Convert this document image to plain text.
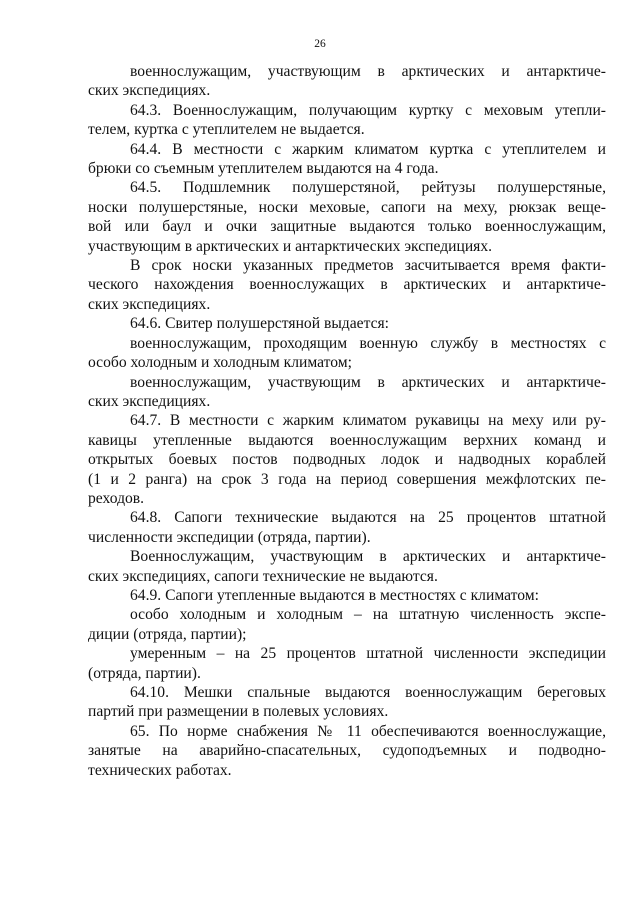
26

военнослужащим, участвующим в арктических и антарктиче-
ских экспедициях.

64.3. Военнослужащим, получающим куртку с меховым утепли-
телем, куртка с утеплителем не выдается.

64.4. В местности с жарким климатом куртка с утеплителем и
брюки со съемным утеплителем выдаются на 4 года.

64.5. Подшлемник полушерстяной, рейтузы полушерстяные,
носки полушерстяные, носки меховые, сапоги на меху, рюкзак веще-
вой или баул и очки защитные выдаются только военнослужащим,
участвующим в арктических и антарктических экспедициях.

В срок носки указанных предметов засчитывается время факти-
ческого нахождения военнослужащих в арктических и антарктиче-
ских экспедициях.

64.6. Свитер полушерстяной выдается:

военнослужащим, проходящим военную службу в местностях с
особо холодным и холодным климатом;

военнослужащим, участвующим в арктических и антарктиче-
ских экспедициях.

64.7. В местности с жарким климатом рукавицы на меху или ру-
кавицы утепленные выдаются военнослужащим верхних команд и
открытых боевых постов подводных лодок и надводных кораблей
(1 и 2 ранга) на срок 3 года на период совершения межфлотских пе-
реходов.

64.8. Сапоги технические выдаются на 25 процентов штатной
численности экспедиции (отряда, партии).

Военнослужащим, участвующим в арктических и антарктиче-
ских экспедициях, сапоги технические не выдаются.

64.9. Сапоги утепленные выдаются в местностях с климатом:

особо холодным и холодным – на штатную численность экспе-
диции (отряда, партии);

умеренным – на 25 процентов штатной численности экспедиции
(отряда, партии).

64.10. Мешки спальные выдаются военнослужащим береговых
партий при размещении в полевых условиях.

65. По норме снабжения № 11 обеспечиваются военнослужащие,
занятые на аварийно-спасательных, судоподъемных и подводно-
технических работах.
